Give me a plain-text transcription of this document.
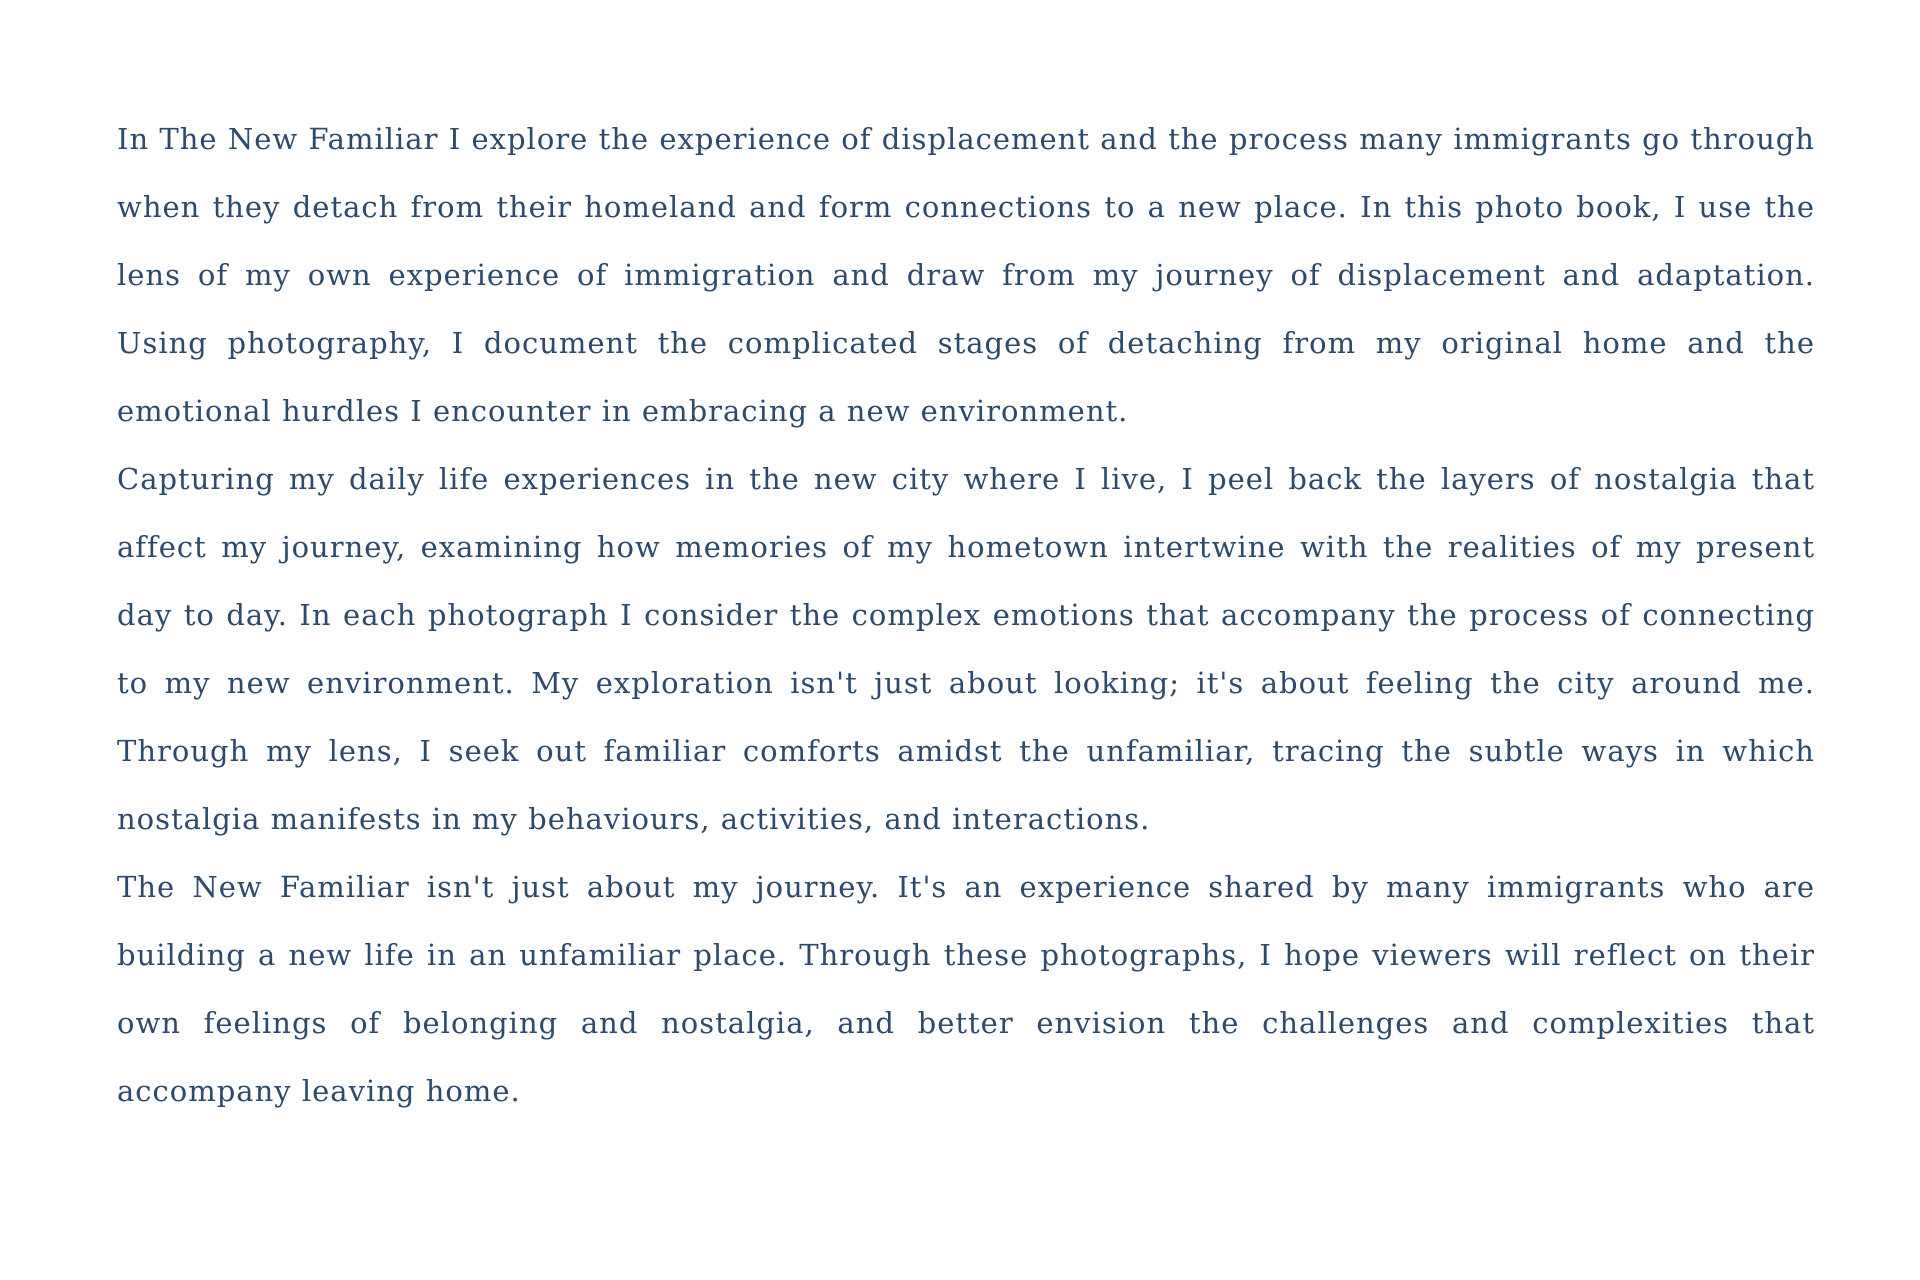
In The New Familiar I explore the experience of displacement and the process many immigrants go through when they detach from their homeland and form connections to a new place. In this photo book, I use the lens of my own experience of immigration and draw from my journey of displacement and adaptation. Using photography, I document the complicated stages of detaching from my original home and the emotional hurdles I encounter in embracing a new environment.

Capturing my daily life experiences in the new city where I live, I peel back the layers of nostalgia that affect my journey, examining how memories of my hometown intertwine with the realities of my present day to day. In each photograph I consider the complex emotions that accompany the process of connecting to my new environment. My exploration isn't just about looking; it's about feeling the city around me. Through my lens, I seek out familiar comforts amidst the unfamiliar, tracing the subtle ways in which nostalgia manifests in my behaviours, activities, and interactions.

The New Familiar isn't just about my journey. It's an experience shared by many immigrants who are building a new life in an unfamiliar place. Through these photographs, I hope viewers will reflect on their own feelings of belonging and nostalgia, and better envision the challenges and complexities that accompany leaving home.
